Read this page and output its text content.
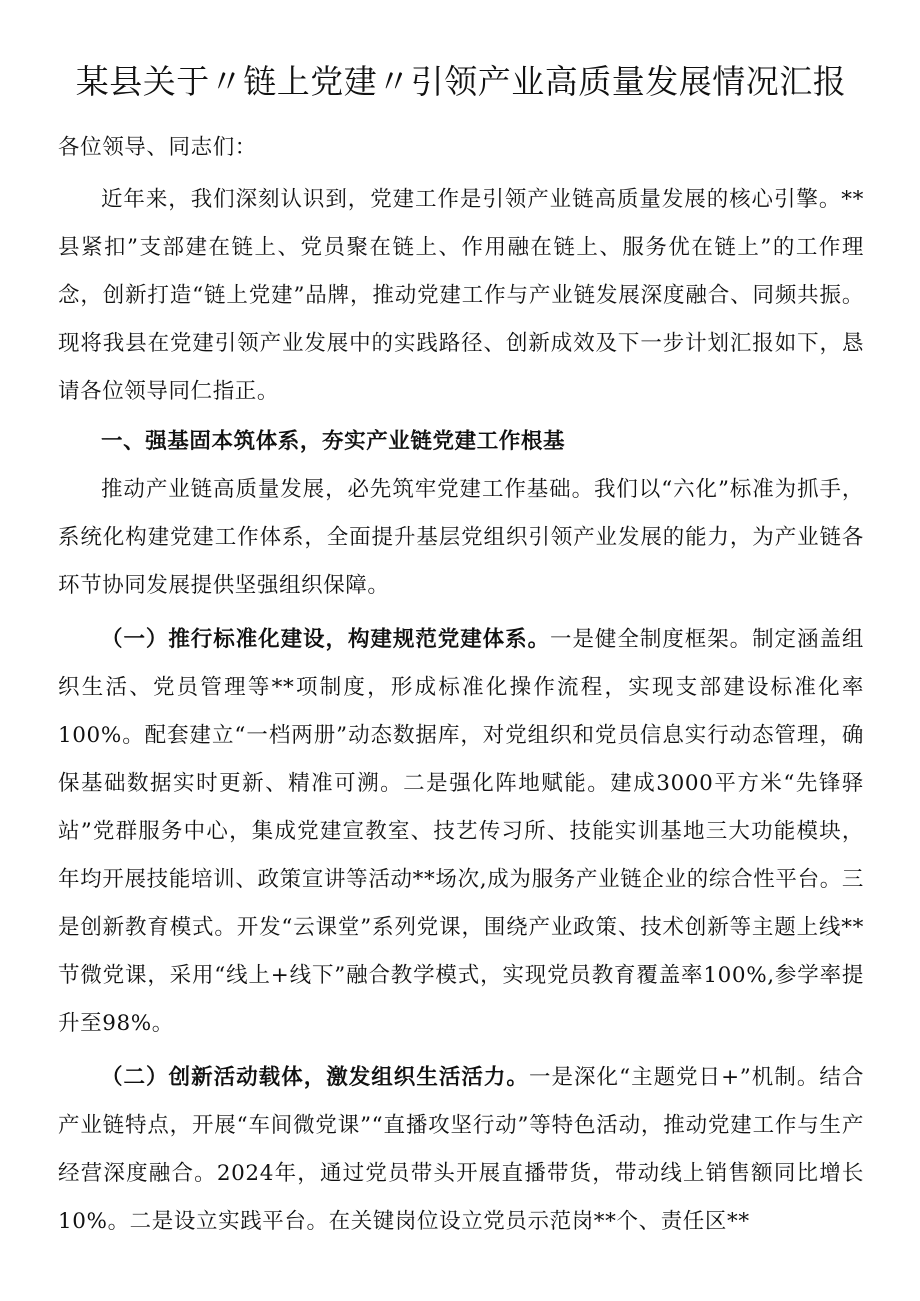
某县关于〃链上党建〃引领产业高质量发展情况汇报

各位领导、同志们：

近年来，我们深刻认识到，党建工作是引领产业链高质量发展的核心引擎。**县紧扣”支部建在链上、党员聚在链上、作用融在链上、服务优在链上”的工作理念，创新打造“链上党建”品牌，推动党建工作与产业链发展深度融合、同频共振。现将我县在党建引领产业发展中的实践路径、创新成效及下一步计划汇报如下，恳请各位领导同仁指正。

一、强基固本筑体系，夯实产业链党建工作根基

推动产业链高质量发展，必先筑牢党建工作基础。我们以“六化”标准为抓手，系统化构建党建工作体系，全面提升基层党组织引领产业发展的能力，为产业链各环节协同发展提供坚强组织保障。

（一）推行标准化建设，构建规范党建体系。一是健全制度框架。制定涵盖组织生活、党员管理等**项制度，形成标准化操作流程，实现支部建设标准化率100%。配套建立“一档两册”动态数据库，对党组织和党员信息实行动态管理，确保基础数据实时更新、精准可溯。二是强化阵地赋能。建成3000平方米“先锋驿站”党群服务中心，集成党建宣教室、技艺传习所、技能实训基地三大功能模块，年均开展技能培训、政策宣讲等活动**场次,成为服务产业链企业的综合性平台。三是创新教育模式。开发“云课堂”系列党课，围绕产业政策、技术创新等主题上线**节微党课，采用“线上+线下”融合教学模式，实现党员教育覆盖率100%,参学率提升至98%。

（二）创新活动载体，激发组织生活活力。一是深化“主题党日+”机制。结合产业链特点，开展“车间微党课”“直播攻坚行动”等特色活动，推动党建工作与生产经营深度融合。2024年，通过党员带头开展直播带货，带动线上销售额同比增长10%。二是设立实践平台。在关键岗位设立党员示范岗**个、责任区**
